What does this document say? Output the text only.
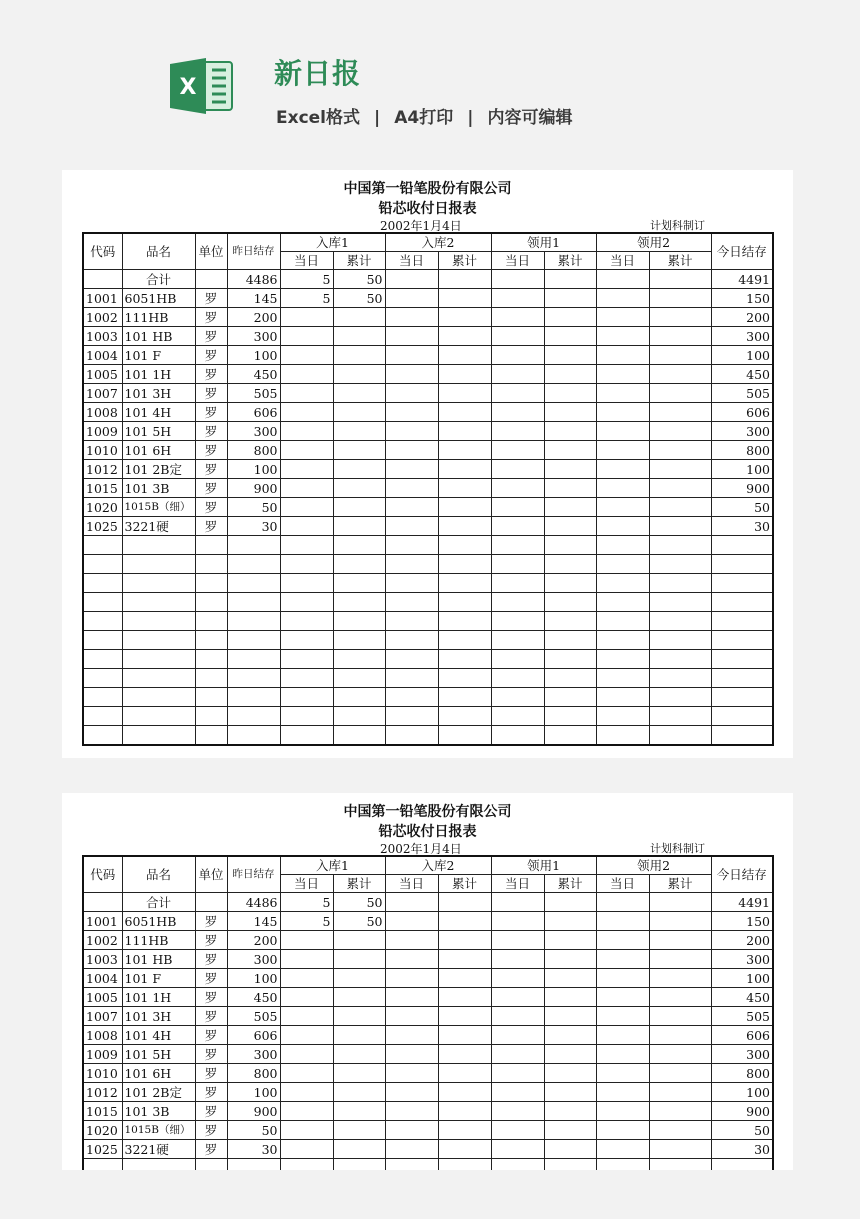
X	新日报
Excel格式 | A4打印 | 内容可编辑
中国第一铅笔股份有限公司
铅芯收付日报表
2002年1月4日	计划科制订
代码	品名	单位	昨日结存	入库1		入库2		领用1		领用2		今日结存
				当日	累计	当日	累计	当日	累计	当日	累计	
	合计		4486	5	50							4491
1001	6051HB	罗	145	5	50							150
1002	111HB	罗	200									200
1003	101 HB	罗	300									300
1004	101 F	罗	100									100
1005	101 1H	罗	450									450
1007	101 3H	罗	505									505
1008	101 4H	罗	606									606
1009	101 5H	罗	300									300
1010	101 6H	罗	800									800
1012	101 2B定	罗	100									100
1015	101 3B	罗	900									900
1020	1015B（细）	罗	50									50
1025	3221硬	罗	30									30

中国第一铅笔股份有限公司
铅芯收付日报表
2002年1月4日	计划科制订
代码	品名	单位	昨日结存	入库1		入库2		领用1		领用2		今日结存
				当日	累计	当日	累计	当日	累计	当日	累计	
	合计		4486	5	50							4491
1001	6051HB	罗	145	5	50							150
1002	111HB	罗	200									200
1003	101 HB	罗	300									300
1004	101 F	罗	100									100
1005	101 1H	罗	450									450
1007	101 3H	罗	505									505
1008	101 4H	罗	606									606
1009	101 5H	罗	300									300
1010	101 6H	罗	800									800
1012	101 2B定	罗	100									100
1015	101 3B	罗	900									900
1020	1015B（细）	罗	50									50
1025	3221硬	罗	30									30
